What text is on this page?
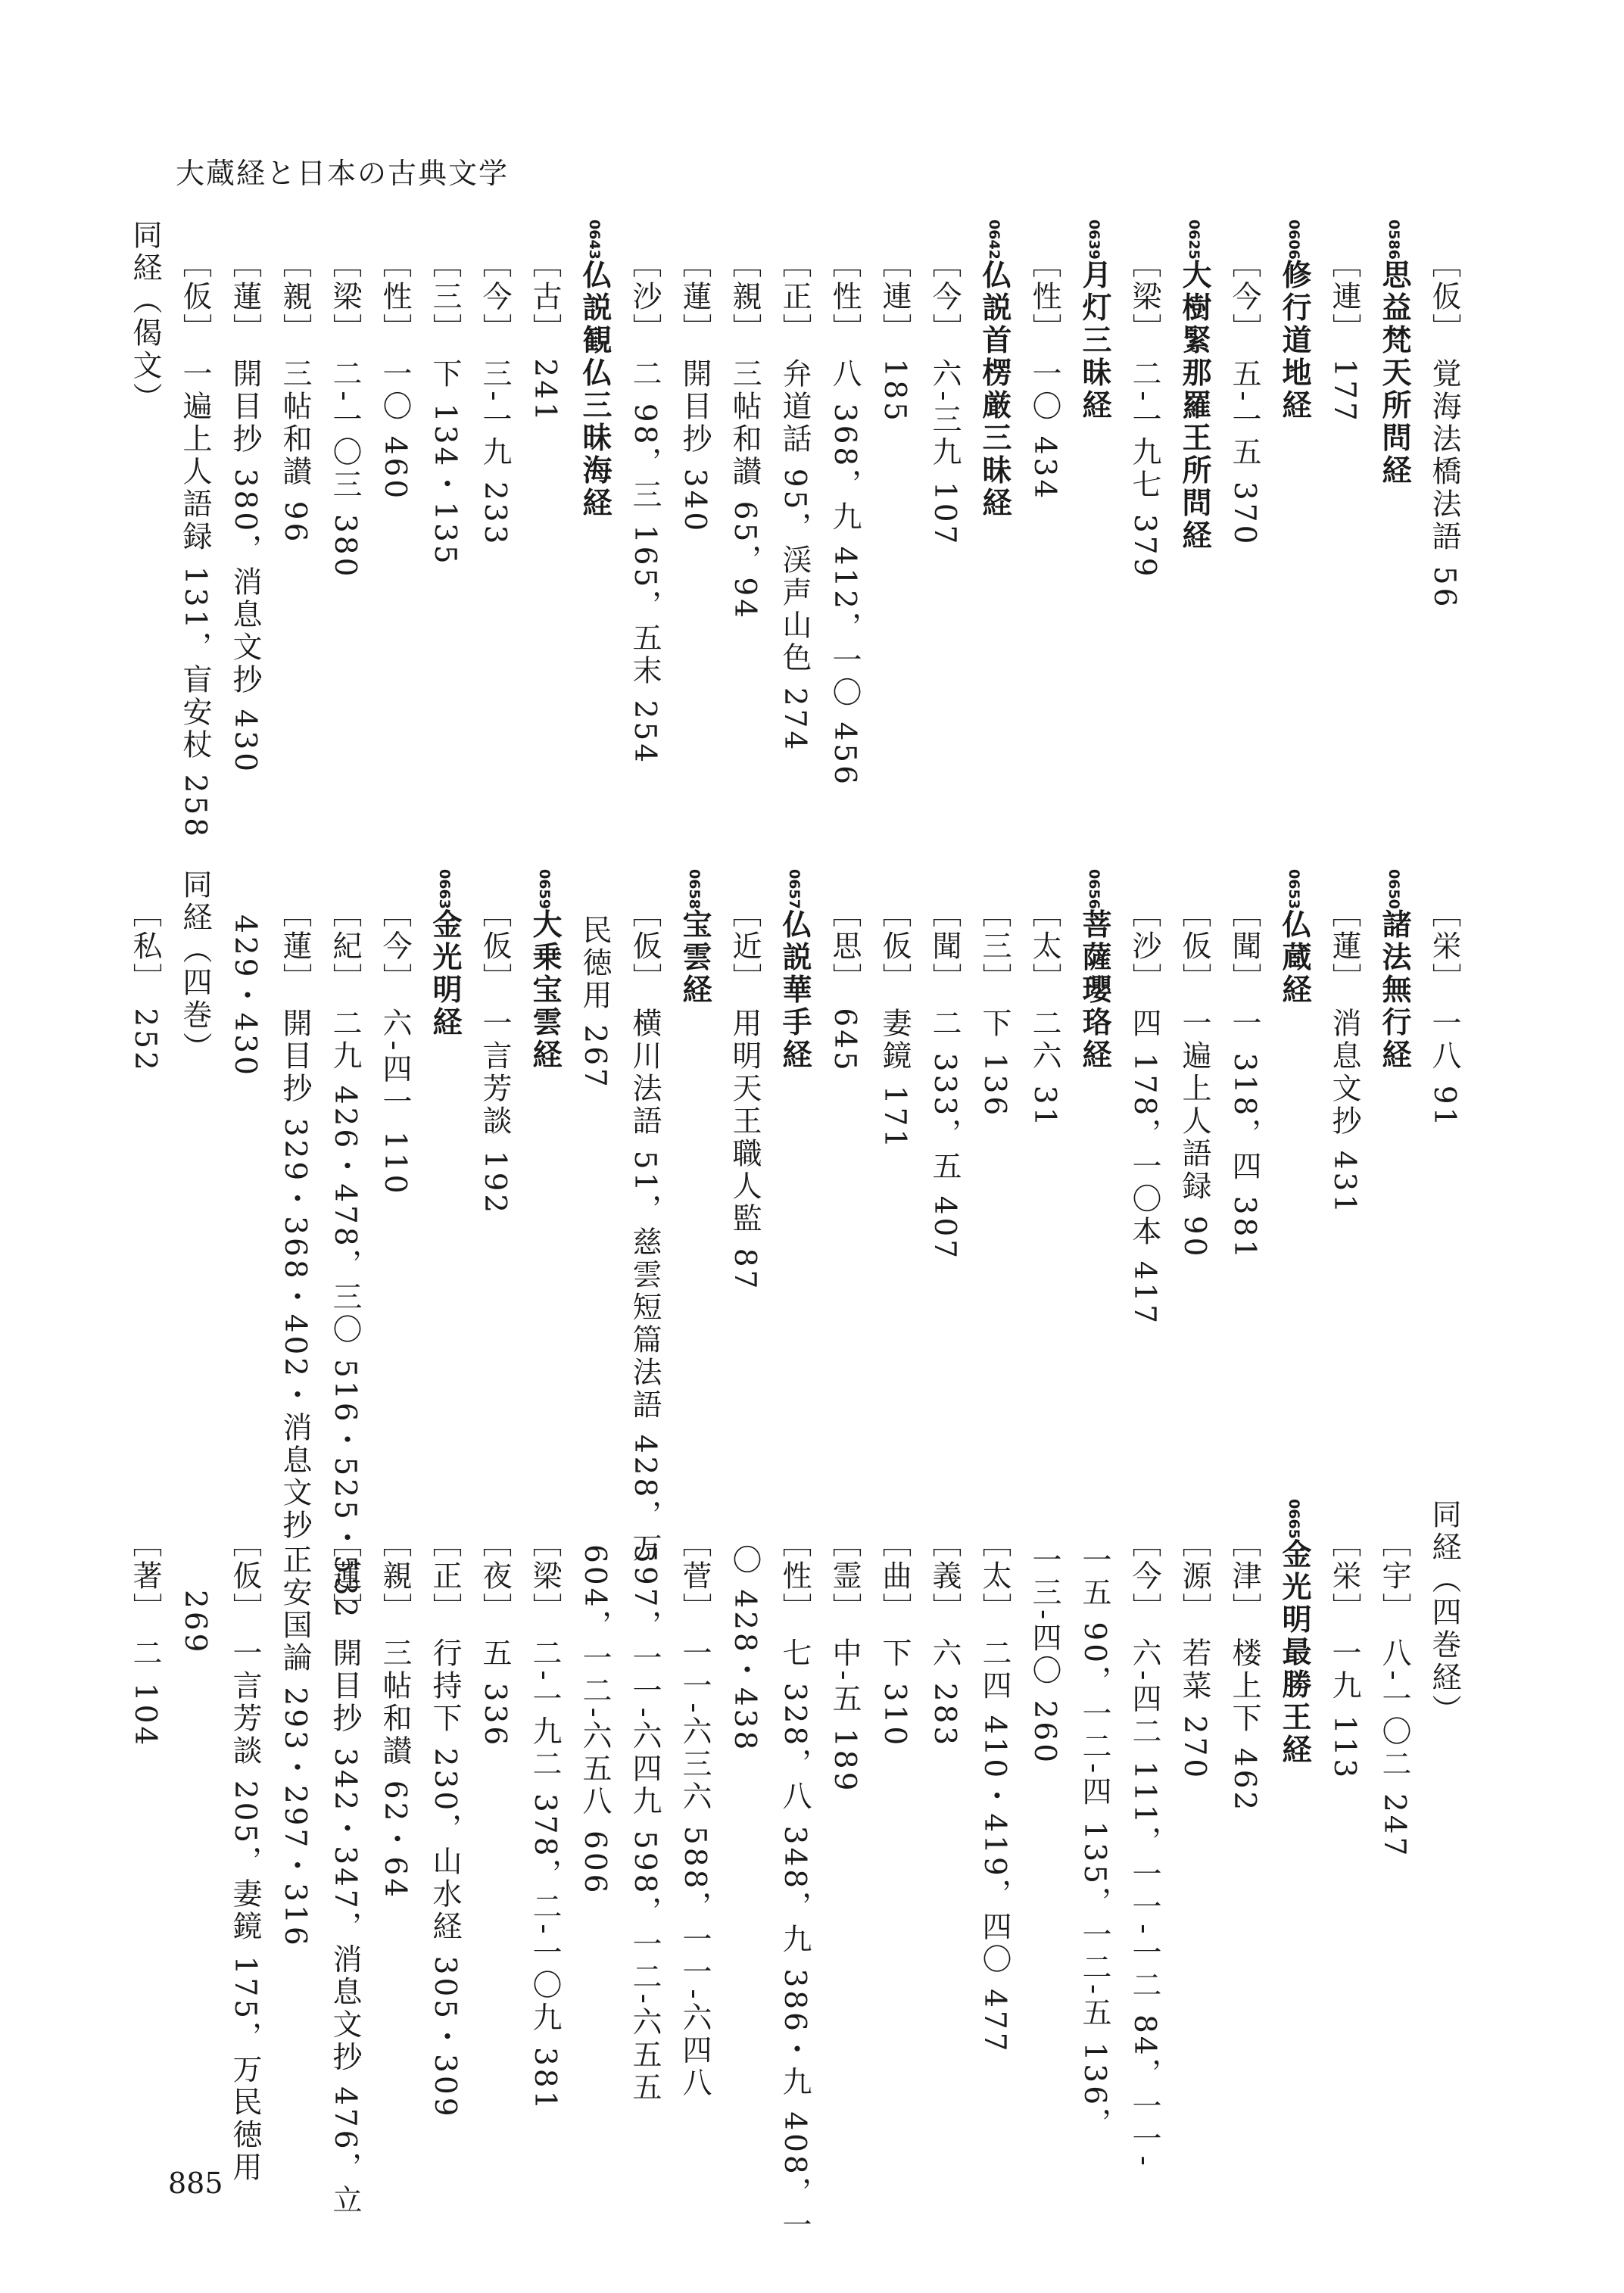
大蔵経と日本の古典文学
［仮］ 覚海法橋法語 56
$^{0586}$思益梵天所問経
［連］ 177
$^{0606}$修行道地経
［今］ 五-一五 370
$^{0625}$大樹緊那羅王所問経
［梁］ 二-一九七 379
$^{0639}$月灯三昧経
［性］ 一〇 434
$^{0642}$仏説首楞厳三昧経
［今］ 六-三九 107
［連］ 185
［性］ 八 368，九 412，一〇 456
［正］ 弁道話 95，渓声山色 274
［親］ 三帖和讃 65，94
［蓮］ 開目抄 340
［沙］ 二 98，三 165，五末 254
$^{0643}$仏説観仏三昧海経
［古］ 241
［今］ 三-一九 233
［三］ 下 134・135
［性］ 一〇 460
［梁］ 二-一〇三 380
［親］ 三帖和讃 96
［蓮］ 開目抄 380，消息文抄 430
［仮］ 一遍上人語録 131，盲安杖 258
同経（偈文）
［栄］ 一八 91
$^{0650}$諸法無行経
［蓮］ 消息文抄 431
$^{0653}$仏蔵経
［聞］ 一 318，四 381
［仮］ 一遍上人語録 90
［沙］ 四 178，一〇本 417
$^{0656}$菩薩瓔珞経
［太］ 二六 31
［三］ 下 136
［聞］ 二 333，五 407
［仮］ 妻鏡 171
［思］ 645
$^{0657}$仏説華手経
［近］ 用明天王職人監 87
$^{0658}$宝雲経
［仮］ 横川法語 51，慈雲短篇法語 428，万
民徳用 267
$^{0659}$大乗宝雲経
［仮］ 一言芳談 192
$^{0663}$金光明経
［今］ 六-四一 110
［紀］ 二九 426・478，三〇 516・525・532
［蓮］ 開目抄 329・368・402・消息文抄
429・430
同経（四巻）
［私］ 252
同経（四巻経）
［宇］ 八-一〇二 247
［栄］ 一九 113
$^{0665}$金光明最勝王経
［津］ 楼上下 462
［源］ 若菜 270
［今］ 六-四二 111，一一-一二 84，一一-
一五 90，一二-四 135，一二-五 136，
一三-四〇 260
［太］ 二四 410・419，四〇 477
［義］ 六 283
［曲］ 下 310
［霊］ 中-五 189
［性］ 七 328，八 348，九 386・九 408，一
〇 428・438
［菅］ 一一-六三六 588，一一-六四八
597，一一-六四九 598，一二-六五五
604，一二-六五八 606
［梁］ 二-一九二 378，二-一〇九 381
［夜］ 五 336
［正］ 行持下 230，山水経 305・309
［親］ 三帖和讃 62・64
［蓮］ 開目抄 342・347，消息文抄 476，立
正安国論 293・297・316
［仮］ 一言芳談 205，妻鏡 175，万民徳用
269
［著］ 二 104
885
